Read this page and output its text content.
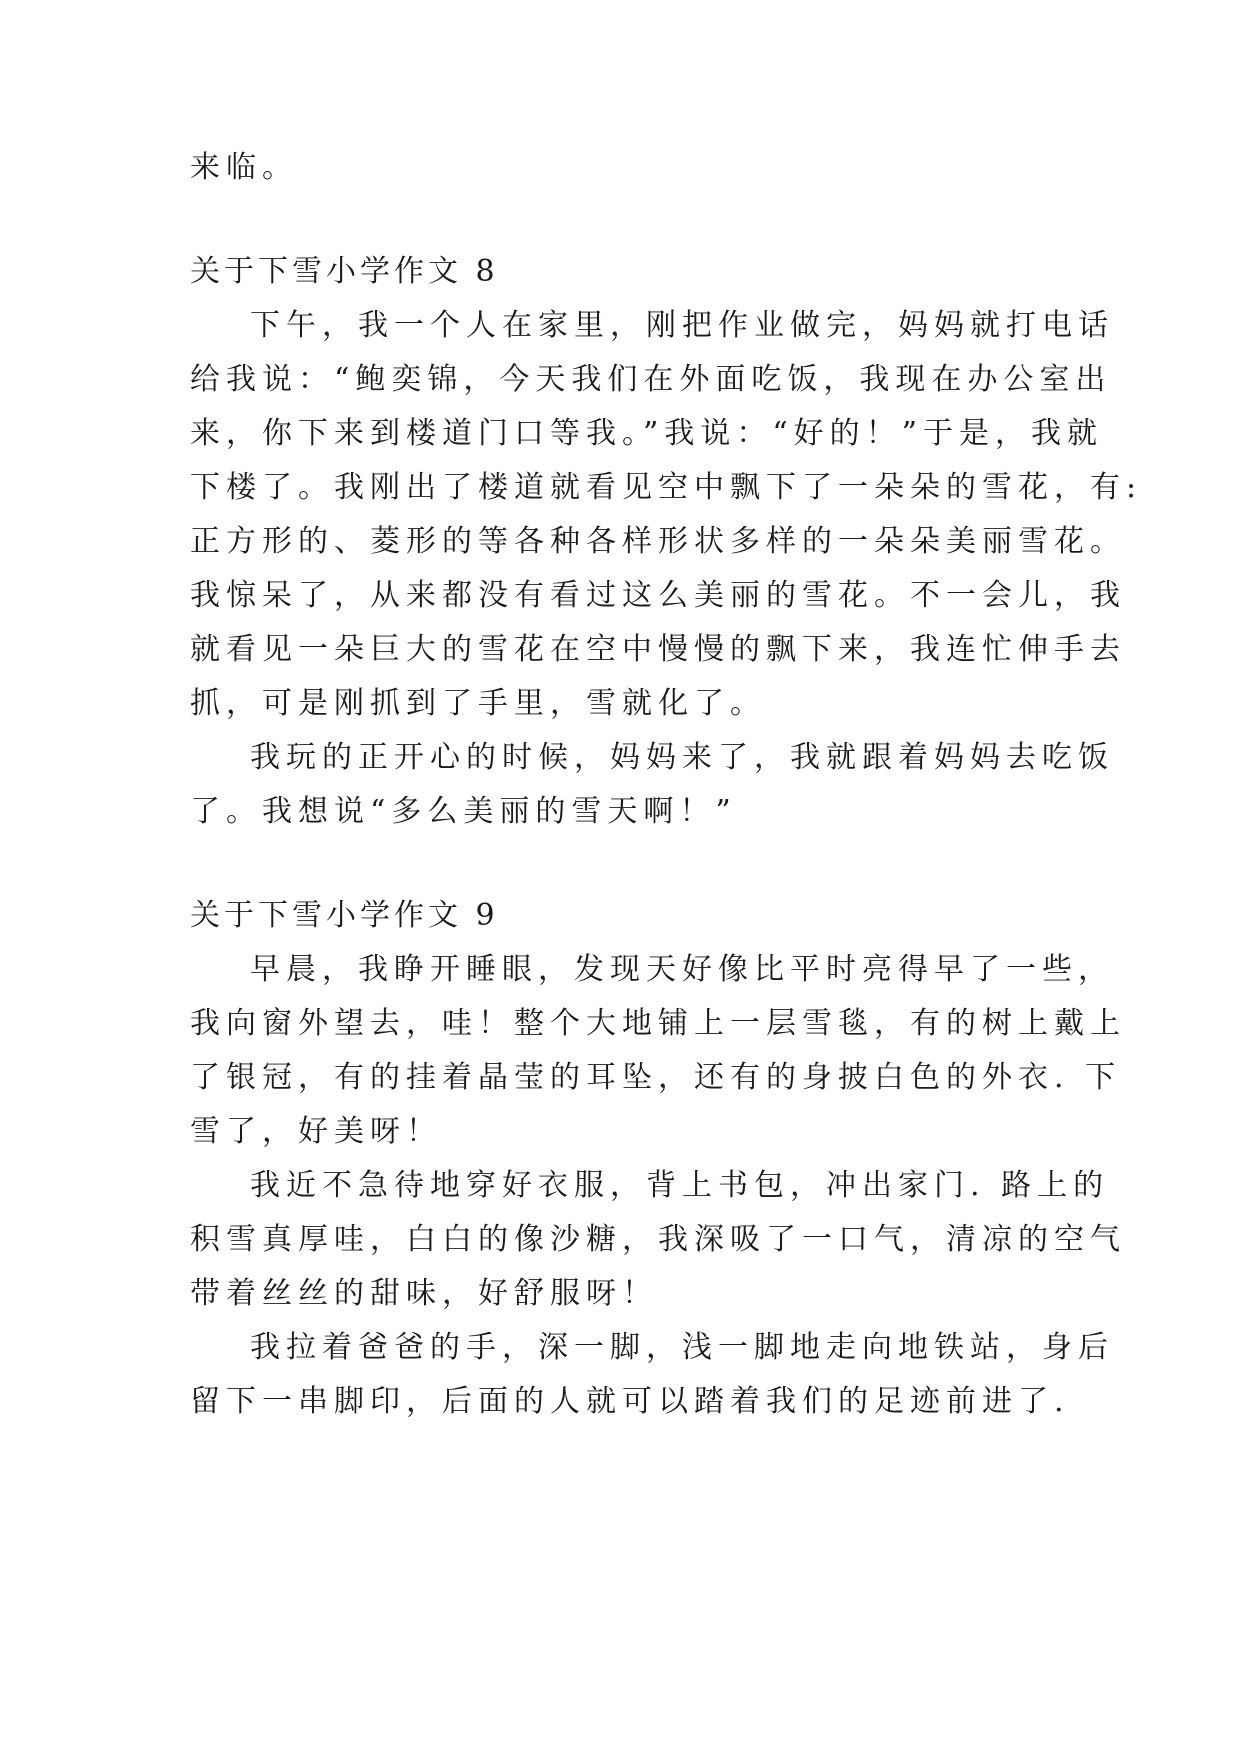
来临。
关于下雪小学作文 8
下午，我一个人在家里，刚把作业做完，妈妈就打电话
给我说：“鲍奕锦，今天我们在外面吃饭，我现在办公室出
来，你下来到楼道门口等我。”我说：“好的！”于是，我就
下楼了。我刚出了楼道就看见空中飘下了一朵朵的雪花，有:
正方形的、菱形的等各种各样形状多样的一朵朵美丽雪花。
我惊呆了，从来都没有看过这么美丽的雪花。不一会儿，我
就看见一朵巨大的雪花在空中慢慢的飘下来，我连忙伸手去
抓，可是刚抓到了手里，雪就化了。
我玩的正开心的时候，妈妈来了，我就跟着妈妈去吃饭
了。我想说“多么美丽的雪天啊！”
关于下雪小学作文 9
早晨，我睁开睡眼，发现天好像比平时亮得早了一些，
我向窗外望去，哇！整个大地铺上一层雪毯，有的树上戴上
了银冠，有的挂着晶莹的耳坠，还有的身披白色的外衣. 下
雪了，好美呀！
我近不急待地穿好衣服，背上书包，冲出家门. 路上的
积雪真厚哇，白白的像沙糖，我深吸了一口气，清凉的空气
带着丝丝的甜味，好舒服呀！
我拉着爸爸的手，深一脚，浅一脚地走向地铁站，身后
留下一串脚印，后面的人就可以踏着我们的足迹前进了.
